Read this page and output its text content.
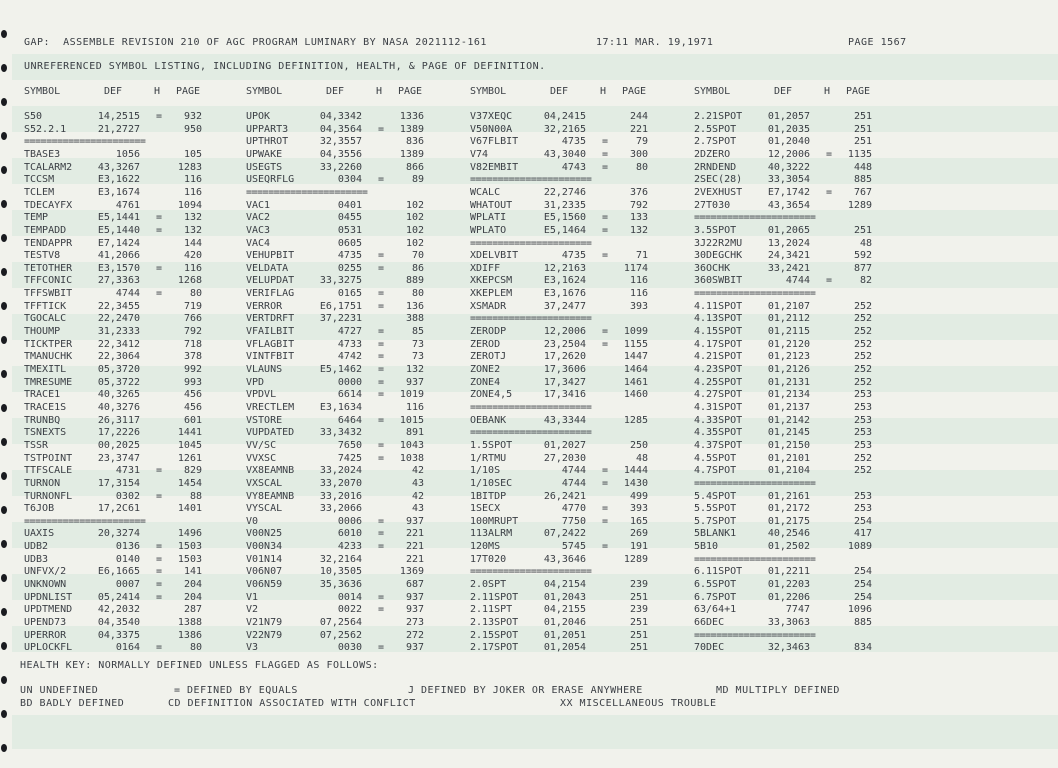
GAP:  ASSEMBLE REVISION 210 OF AGC PROGRAM LUMINARY BY NASA 2021112-161	17:11 MAR. 19,1971	PAGE 1567
UNREFERENCED SYMBOL LISTING, INCLUDING DEFINITION, HEALTH, & PAGE OF DEFINITION.
SYMBOL	DEF	H PAGE	SYMBOL	DEF	H PAGE	SYMBOL	DEF	H PAGE	SYMBOL	DEF	H PAGE
S50	14,2515 =	932
S52.2.1	21,2727	950
======================
TBASE3	1056	105
TCALARM2	43,3267	1283
TCCSM	E3,1622	116
TCLEM	E3,1674	116
TDECAYFX	4761	1094
TEMP	E5,1441 =	132
TEMPADD	E5,1440 =	132
TENDAPPR	E7,1424	144
TESTV8	41,2066	420
TETOTHER	E3,1570 =	116
TFFCONIC	27,3363	1268
TFFSWBIT	4744 =	80
TFFTICK	22,3455	719
TGOCALC	22,2470	766
THOUMP	31,2333	792
TICKTPER	22,3412	718
TMANUCHK	22,3064	378
TMEXITL	05,3720	992
TMRESUME	05,3722	993
TRACE1	40,3265	456
TRACE1S	40,3276	456
TRUNBQ	26,3117	601
TSNEXTS	17,2226	1441
TSSR	00,2025	1045
TSTPOINT	23,3747	1261
TTFSCALE	4731 =	829
TURNON	17,3154	1454
TURNONFL	0302 =	88
T6JOB	17,2C61	1401
======================
UAXIS	20,3274	1496
UDB2	0136 =	1503
UDB3	0140 =	1503
UNFVX/2	E6,1665 =	141
UNKNOWN	0007 =	204
UPDNLIST	05,2414 =	204
UPDTMEND	42,2032	287
UPEND73	04,3540	1388
UPERROR	04,3375	1386
UPLOCKFL	0164 =	80
UPOK	04,3342	1336
UPPART3	04,3564 =	1389
UPTHROT	32,3557	836
UPWAKE	04,3556	1389
USEGTS	33,2260	866
USEQRFLG	0304 =	89
======================
VAC1	0401	102
VAC2	0455	102
VAC3	0531	102
VAC4	0605	102
VEHUPBIT	4735 =	70
VELDATA	0255 =	86
VELUPDAT	33,3275	889
VERIFLAG	0165 =	80
VERROR	E6,1751 =	136
VERTDRFT	37,2231	388
VFAILBIT	4727 =	85
VFLAGBIT	4733 =	73
VINTFBIT	4742 =	73
VLAUNS	E5,1462 =	132
VPD	0000 =	937
VPDVL	6614 =	1019
VRECTLEM	E3,1634	116
VSTORE	6464 =	1015
VUPDATED	33,3432	891
VV/SC	7650 =	1043
VVXSC	7425 =	1038
VX8EAMNB	33,2024	42
VXSCAL	33,2070	43
VY8EAMNB	33,2016	42
VYSCAL	33,2066	43
V0	0006 =	937
V00N25	6010 =	221
V00N34	4233 =	221
V01N14	32,2164	221
V06N07	10,3505	1369
V06N59	35,3636	687
V1	0014 =	937
V2	0022 =	937
V21N79	07,2564	273
V22N79	07,2562	272
V3	0030 =	937
V37XEQC	04,2415	244
V50N00A	32,2165	221
V67FLBIT	4735 =	79
V74	43,3040 =	300
V82EMBIT	4743 =	80
======================
WCALC	22,2746	376
WHATOUT	31,2335	792
WPLATI	E5,1560 =	133
WPLATO	E5,1464 =	132
======================
XDELVBIT	4735 =	71
XDIFF	12,2163	1174
XKEPCSM	E3,1624	116
XKEPLEM	E3,1676	116
XSMADR	37,2477	393
======================
ZERODP	12,2006 =	1099
ZEROD	23,2504 =	1155
ZEROTJ	17,2620	1447
ZONE2	17,3606	1464
ZONE4	17,3427	1461
ZONE4,5	17,3416	1460
======================
OEBANK	43,3344	1285
======================
1.5SPOT	01,2027	250
1/RTMU	27,2030	48
1/10S	4744 =	1444
1/10SEC	4744 =	1430
1BITDP	26,2421	499
1SECX	4770 =	393
100MRUPT	7750 =	165
113ALRM	07,2422	269
120MS	5745 =	191
17T020	43,3646	1289
======================
2.0SPT	04,2154	239
2.11SPOT	01,2043	251
2.11SPT	04,2155	239
2.13SPOT	01,2046	251
2.15SPOT	01,2051	251
2.17SPOT	01,2054	251
2.21SPOT	01,2057	251
2.5SPOT	01,2035	251
2.7SPOT	01,2040	251
2DZERO	12,2006 =	1135
2RNDEND	40,3222	448
2SEC(28)	33,3054	885
2VEXHUST	E7,1742 =	767
27T030	43,3654	1289
======================
3.5SPOT	01,2065	251
3J22R2MU	13,2024	48
30DEGCHK	24,3421	592
36OCHK	33,2421	877
360SWBIT	4744 =	82
======================
4.11SPOT	01,2107	252
4.13SPOT	01,2112	252
4.15SPOT	01,2115	252
4.17SPOT	01,2120	252
4.21SPOT	01,2123	252
4.23SPOT	01,2126	252
4.25SPOT	01,2131	252
4.27SPOT	01,2134	253
4.31SPOT	01,2137	253
4.33SPOT	01,2142	253
4.35SPOT	01,2145	253
4.37SPOT	01,2150	253
4.5SPOT	01,2101	252
4.7SPOT	01,2104	252
======================
5.4SPOT	01,2161	253
5.5SPOT	01,2172	253
5.7SPOT	01,2175	254
5BLANK1	40,2546	417
5B10	01,2502	1089
======================
6.11SPOT	01,2211	254
6.5SPOT	01,2203	254
6.7SPOT	01,2206	254
63/64+1	7747	1096
66DEC	33,3063	885
======================
70DEC	32,3463	834
HEALTH KEY: NORMALLY DEFINED UNLESS FLAGGED AS FOLLOWS:
UN UNDEFINED	= DEFINED BY EQUALS	J DEFINED BY JOKER OR ERASE ANYWHERE	MD MULTIPLY DEFINED
BD BADLY DEFINED	CD DEFINITION ASSOCIATED WITH CONFLICT	XX MISCELLANEOUS TROUBLE
